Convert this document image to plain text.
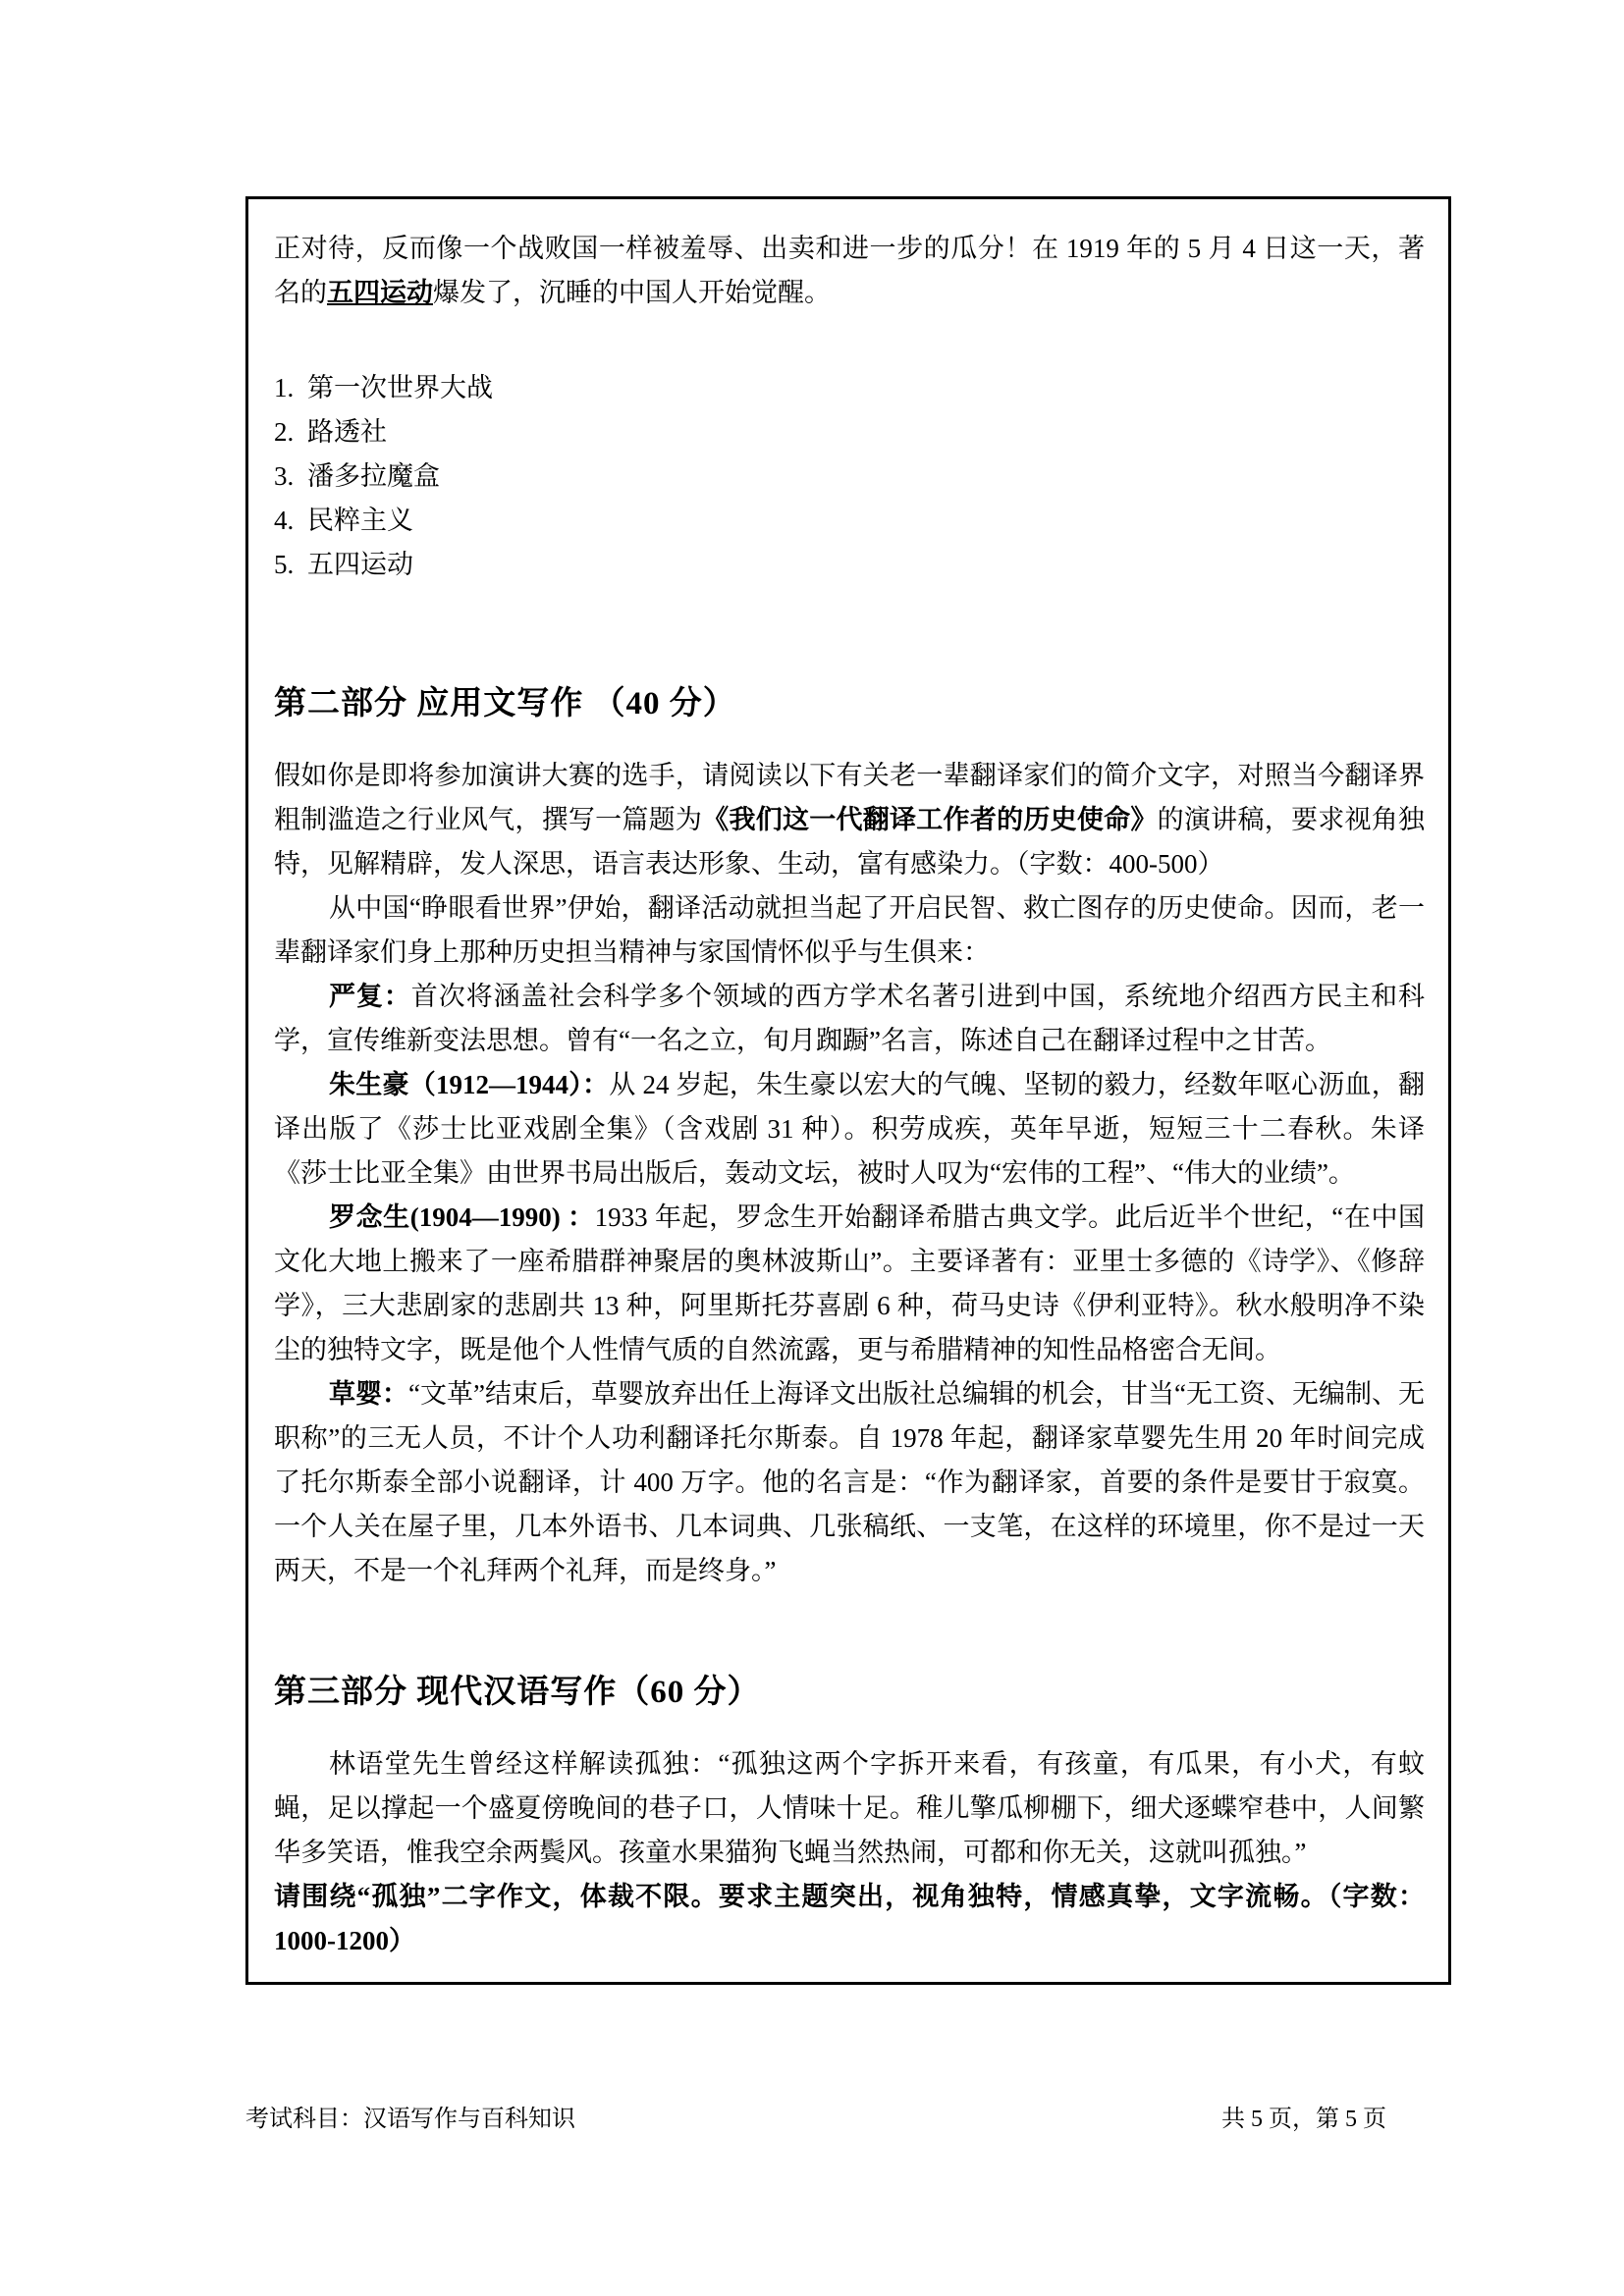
正对待，反而像一个战败国一样被羞辱、出卖和进一步的瓜分！在 1919 年的 5 月 4 日这一天，著名的五四运动爆发了，沉睡的中国人开始觉醒。

1. 第一次世界大战
2. 路透社
3. 潘多拉魔盒
4. 民粹主义
5. 五四运动
第二部分 应用文写作 （40 分）

假如你是即将参加演讲大赛的选手，请阅读以下有关老一辈翻译家们的简介文字，对照当今翻译界粗制滥造之行业风气，撰写一篇题为《我们这一代翻译工作者的历史使命》的演讲稿，要求视角独特，见解精辟，发人深思，语言表达形象、生动，富有感染力。（字数：400-500）

从中国“睁眼看世界”伊始，翻译活动就担当起了开启民智、救亡图存的历史使命。因而，老一辈翻译家们身上那种历史担当精神与家国情怀似乎与生俱来：

严复：首次将涵盖社会科学多个领域的西方学术名著引进到中国，系统地介绍西方民主和科学，宣传维新变法思想。曾有“一名之立，旬月踟蹰”名言，陈述自己在翻译过程中之甘苦。

朱生豪（1912—1944）：从 24 岁起，朱生豪以宏大的气魄、坚韧的毅力，经数年呕心沥血，翻译出版了《莎士比亚戏剧全集》（含戏剧 31 种）。积劳成疾，英年早逝，短短三十二春秋。朱译《莎士比亚全集》由世界书局出版后，轰动文坛，被时人叹为“宏伟的工程”、“伟大的业绩”。

罗念生(1904—1990) ：1933 年起，罗念生开始翻译希腊古典文学。此后近半个世纪，“在中国文化大地上搬来了一座希腊群神聚居的奥林波斯山”。主要译著有：亚里士多德的《诗学》、《修辞学》，三大悲剧家的悲剧共 13 种，阿里斯托芬喜剧 6 种，荷马史诗《伊利亚特》。秋水般明净不染尘的独特文字，既是他个人性情气质的自然流露，更与希腊精神的知性品格密合无间。

草婴：“文革”结束后，草婴放弃出任上海译文出版社总编辑的机会，甘当“无工资、无编制、无职称”的三无人员，不计个人功利翻译托尔斯泰。自 1978 年起，翻译家草婴先生用 20 年时间完成了托尔斯泰全部小说翻译，计 400 万字。他的名言是：“作为翻译家，首要的条件是要甘于寂寞。一个人关在屋子里，几本外语书、几本词典、几张稿纸、一支笔，在这样的环境里，你不是过一天两天，不是一个礼拜两个礼拜，而是终身。”

第三部分 现代汉语写作（60 分）

林语堂先生曾经这样解读孤独：“孤独这两个字拆开来看，有孩童，有瓜果，有小犬，有蚊蝇，足以撑起一个盛夏傍晚间的巷子口，人情味十足。稚儿擎瓜柳棚下，细犬逐蝶窄巷中，人间繁华多笑语，惟我空余两鬓风。孩童水果猫狗飞蝇当然热闹，可都和你无关，这就叫孤独。”

请围绕“孤独”二字作文，体裁不限。要求主题突出，视角独特，情感真挚，文字流畅。（字数：1000-1200）

考试科目：汉语写作与百科知识	共 5 页，第 5 页
